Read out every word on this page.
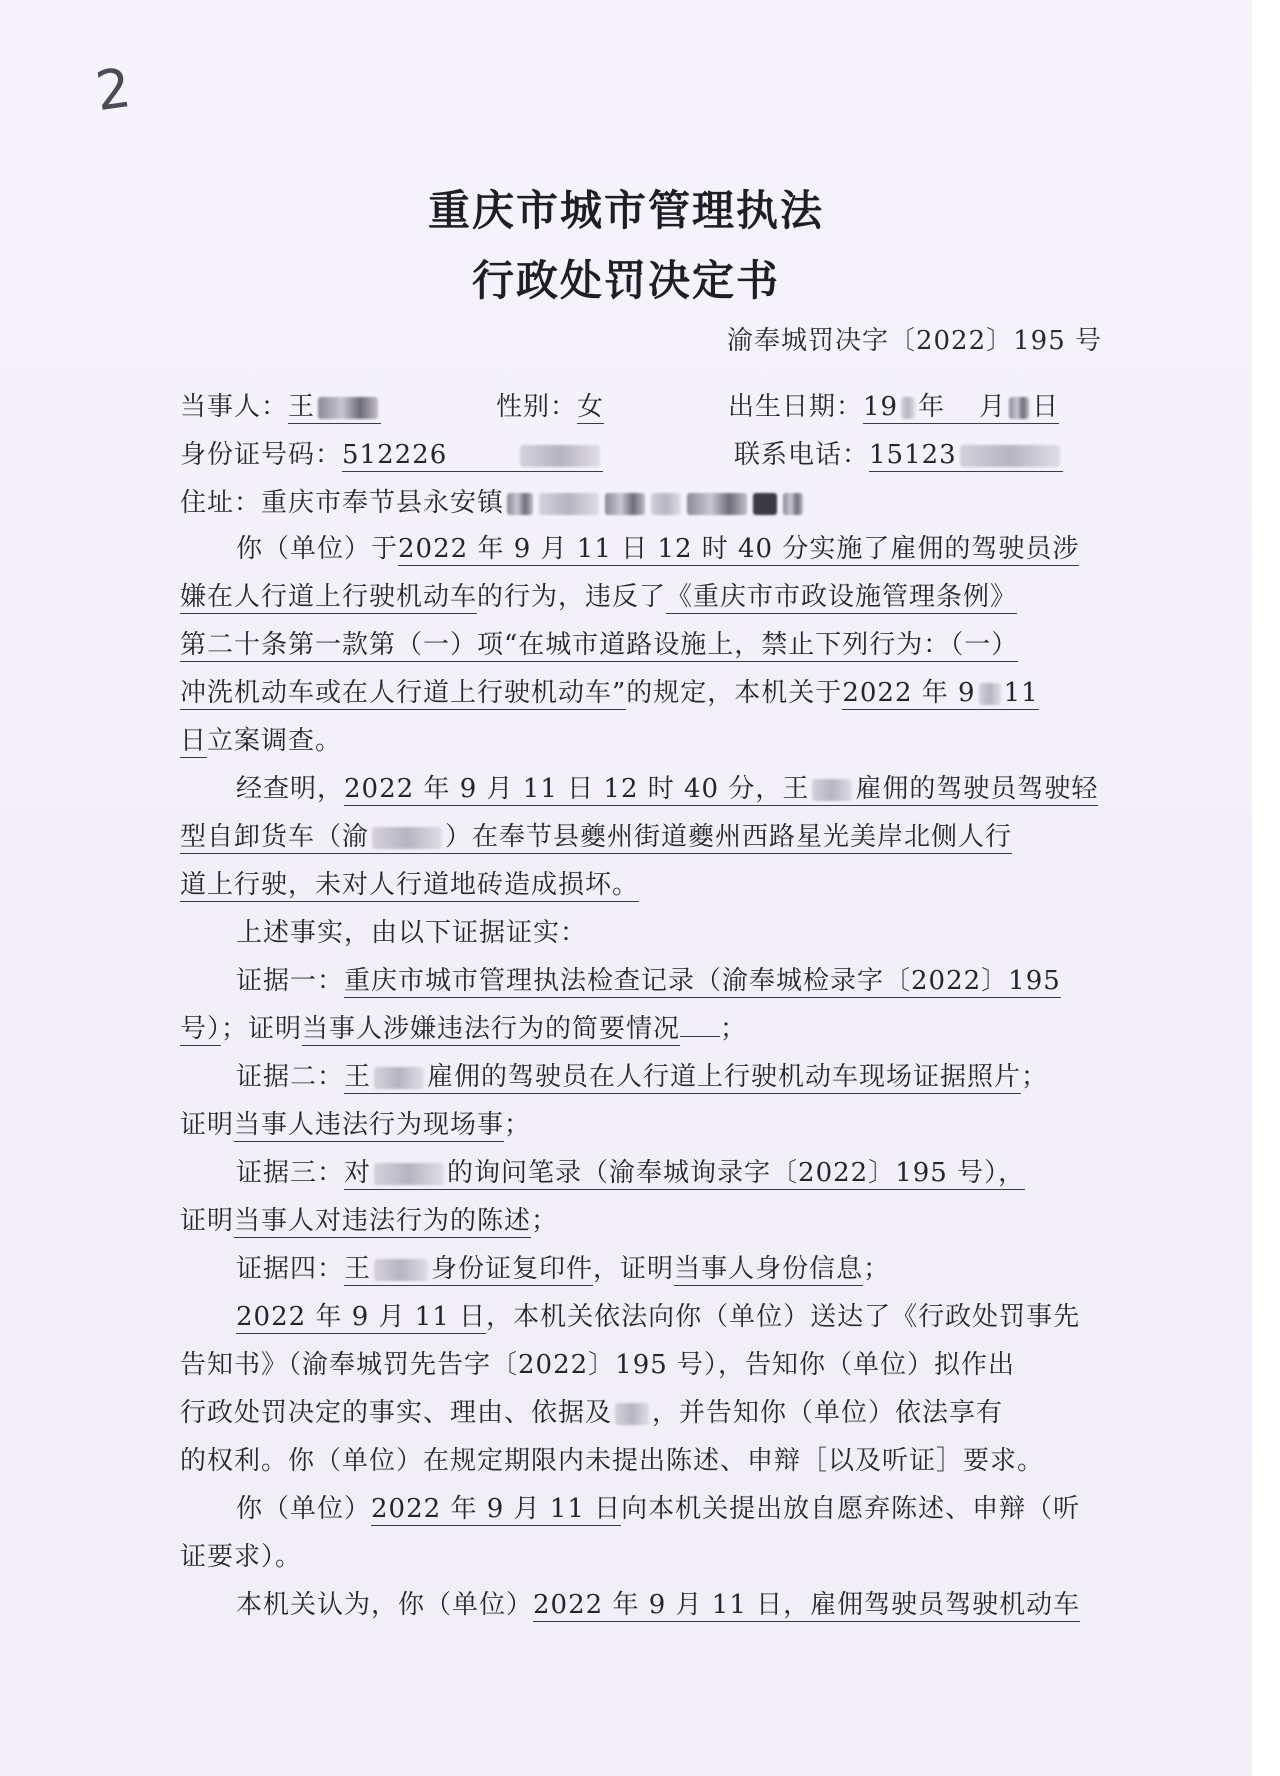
2
重庆市城市管理执法
行政处罚决定书
渝奉城罚决字〔2022〕195 号
当事人：王	性别：女	出生日期：19 年 月 日
身份证号码：512226	联系电话：15123
住址：重庆市奉节县永安镇
你（单位）于2022 年 9 月 11 日 12 时 40 分实施了雇佣的驾驶员涉
嫌在人行道上行驶机动车的行为，违反了《重庆市市政设施管理条例》
第二十条第一款第（一）项“在城市道路设施上，禁止下列行为：（一）
冲洗机动车或在人行道上行驶机动车”的规定，本机关于2022 年 9 11
日立案调查。
经查明，2022 年 9 月 11 日 12 时 40 分，王 雇佣的驾驶员驾驶轻
型自卸货车（渝	）在奉节县夔州街道夔州西路星光美岸北侧人行
道上行驶，未对人行道地砖造成损坏。
上述事实，由以下证据证实：
证据一：重庆市城市管理执法检查记录（渝奉城检录字〔2022〕195
号）；证明当事人涉嫌违法行为的简要情况 ；
证据二：王 雇佣的驾驶员在人行道上行驶机动车现场证据照片；
证明当事人违法行为现场事；
证据三：对	的询问笔录（渝奉城询录字〔2022〕195 号），
证明当事人对违法行为的陈述；
证据四：王 身份证复印件，证明当事人身份信息；
2022 年 9 月 11 日，本机关依法向你（单位）送达了《行政处罚事先
告知书》（渝奉城罚先告字〔2022〕195 号），告知你（单位）拟作出
行政处罚决定的事实、理由、依据及 ，并告知你（单位）依法享有
的权利。你（单位）在规定期限内未提出陈述、申辩［以及听证］要求。
你（单位）2022 年 9 月 11 日向本机关提出放自愿弃陈述、申辩（听
证要求）。
本机关认为，你（单位）2022 年 9 月 11 日，雇佣驾驶员驾驶机动车
